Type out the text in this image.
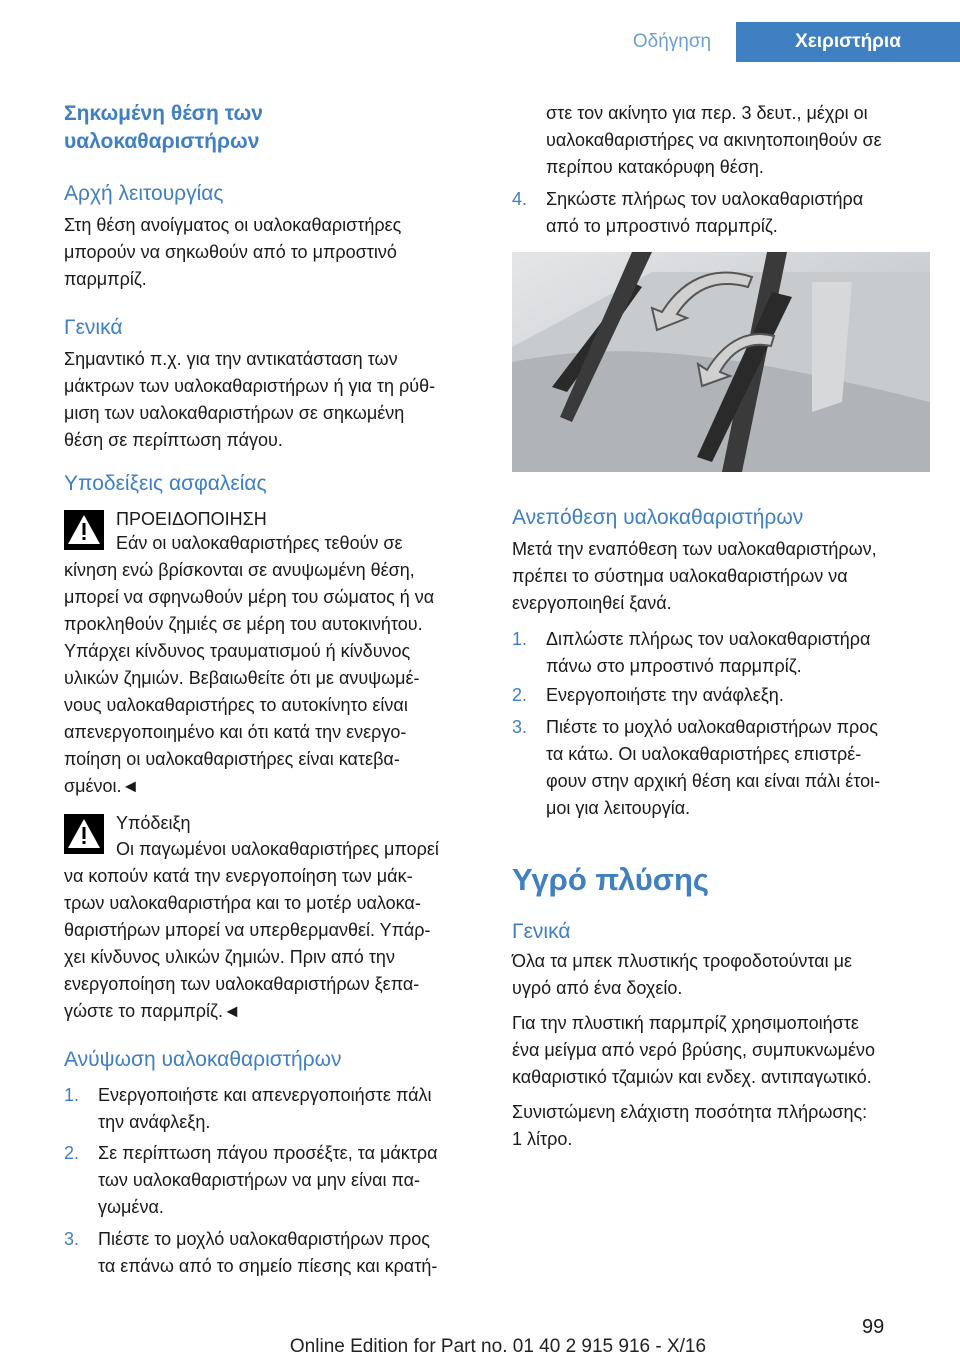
Οδήγηση	Χειριστήρια
Σηκωμένη θέση των
υαλοκαθαριστήρων
Αρχή λειτουργίας

Στη θέση ανοίγματος οι υαλοκαθαριστήρες

μπορούν να σηκωθούν από το μπροστινό

παρμπρίζ.

Γενικά

Σημαντικό π.χ. για την αντικατάσταση των

μάκτρων των υαλοκαθαριστήρων ή για τη ρύθ‐

μιση των υαλοκαθαριστήρων σε σηκωμένη

θέση σε περίπτωση πάγου.

Υποδείξεις ασφαλείας
ΠΡΟΕΙΔΟΠΟΙΗΣΗ

Εάν οι υαλοκαθαριστήρες τεθούν σε

κίνηση ενώ βρίσκονται σε ανυψωμένη θέση,

μπορεί να σφηνωθούν μέρη του σώματος ή να

προκληθούν ζημιές σε μέρη του αυτοκινήτου.

Υπάρχει κίνδυνος τραυματισμού ή κίνδυνος

υλικών ζημιών. Βεβαιωθείτε ότι με ανυψωμέ‐

νους υαλοκαθαριστήρες το αυτοκίνητο είναι

απενεργοποιημένο και ότι κατά την ενεργο‐

ποίηση οι υαλοκαθαριστήρες είναι κατεβα‐

σμένοι.◄

Υπόδειξη

Οι παγωμένοι υαλοκαθαριστήρες μπορεί

να κοπούν κατά την ενεργοποίηση των μάκ‐

τρων υαλοκαθαριστήρα και το μοτέρ υαλοκα‐

θαριστήρων μπορεί να υπερθερμανθεί. Υπάρ‐

χει κίνδυνος υλικών ζημιών. Πριν από την

ενεργοποίηση των υαλοκαθαριστήρων ξεπα‐

γώστε το παρμπρίζ.◄

Ανύψωση υαλοκαθαριστήρων
1. Ενεργοποιήστε και απενεργοποιήστε πάλι
την ανάφλεξη.
2. Σε περίπτωση πάγου προσέξτε, τα μάκτρα
των υαλοκαθαριστήρων να μην είναι πα‐
γωμένα.
3. Πιέστε το μοχλό υαλοκαθαριστήρων προς
τα επάνω από το σημείο πίεσης και κρατή‐

στε τον ακίνητο για περ. 3 δευτ., μέχρι οι

υαλοκαθαριστήρες να ακινητοποιηθούν σε

περίπου κατακόρυφη θέση.

4. Σηκώστε πλήρως τον υαλοκαθαριστήρα
από το μπροστινό παρμπρίζ.
Ανεπόθεση υαλοκαθαριστήρων

Μετά την εναπόθεση των υαλοκαθαριστήρων,

πρέπει το σύστημα υαλοκαθαριστήρων να

ενεργοποιηθεί ξανά.

1. Διπλώστε πλήρως τον υαλοκαθαριστήρα
πάνω στο μπροστινό παρμπρίζ.
2. Ενεργοποιήστε την ανάφλεξη.
3. Πιέστε το μοχλό υαλοκαθαριστήρων προς
τα κάτω. Οι υαλοκαθαριστήρες επιστρέ‐
φουν στην αρχική θέση και είναι πάλι έτοι‐
μοι για λειτουργία.
Υγρό πλύσης
Γενικά

Όλα τα μπεκ πλυστικής τροφοδοτούνται με

υγρό από ένα δοχείο.

Για την πλυστική παρμπρίζ χρησιμοποιήστε

ένα μείγμα από νερό βρύσης, συμπυκνωμένο

καθαριστικό τζαμιών και ενδεχ. αντιπαγωτικό.

Συνιστώμενη ελάχιστη ποσότητα πλήρωσης:

1 λίτρο.

99
Online Edition for Part no. 01 40 2 915 916 - X/16
